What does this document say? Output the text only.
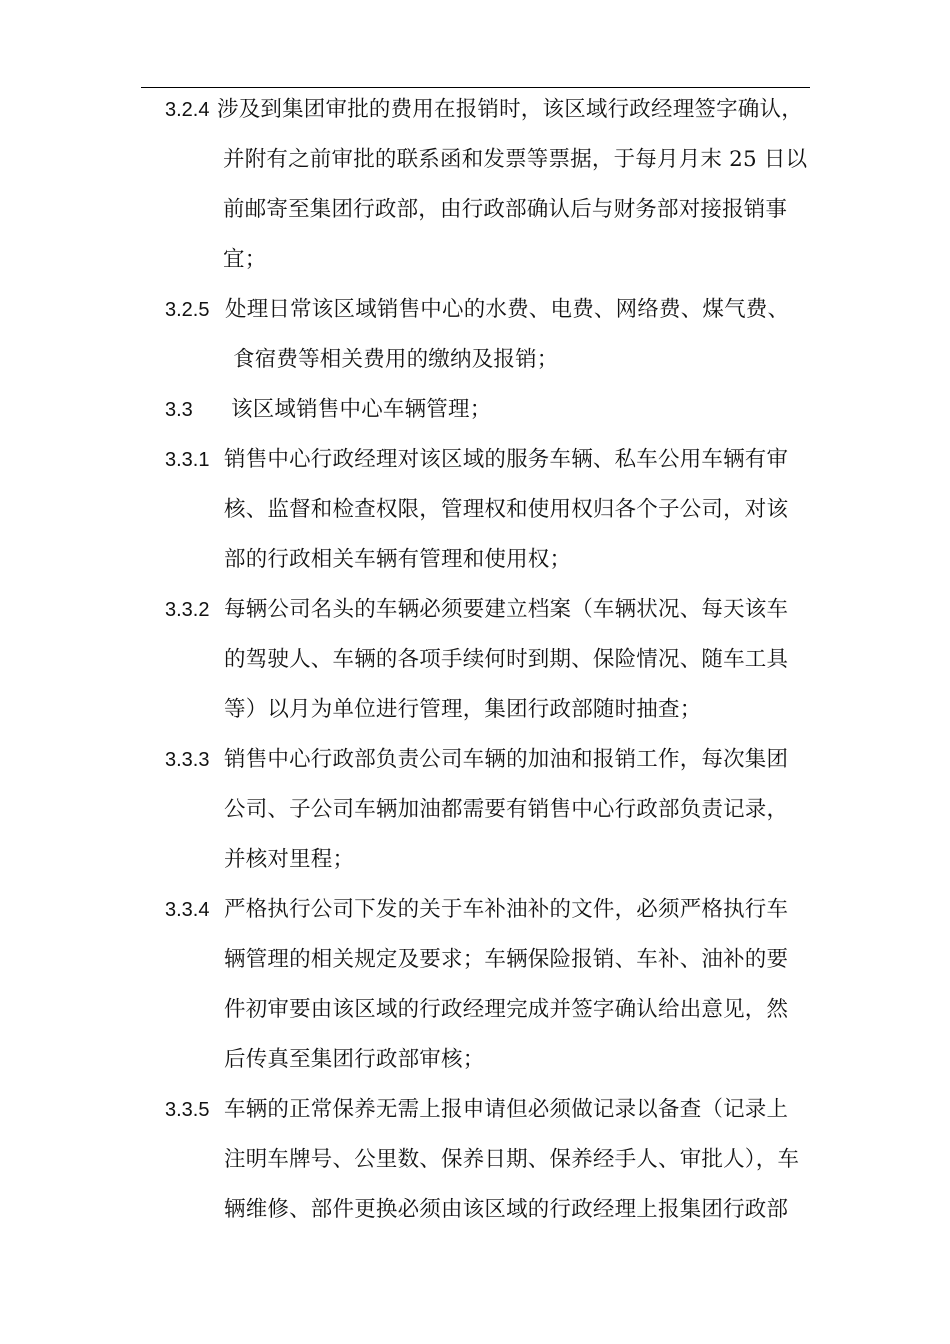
3.2.4 涉及到集团审批的费用在报销时，该区域行政经理签字确认，
并附有之前审批的联系函和发票等票据，于每月月末 25 日以
前邮寄至集团行政部，由行政部确认后与财务部对接报销事
宜；
3.2.5 处理日常该区域销售中心的水费、电费、网络费、煤气费、
食宿费等相关费用的缴纳及报销；
3.3 该区域销售中心车辆管理；
3.3.1 销售中心行政经理对该区域的服务车辆、私车公用车辆有审
核、监督和检查权限，管理权和使用权归各个子公司，对该
部的行政相关车辆有管理和使用权；
3.3.2 每辆公司名头的车辆必须要建立档案（车辆状况、每天该车
的驾驶人、车辆的各项手续何时到期、保险情况、随车工具
等）以月为单位进行管理，集团行政部随时抽查；
3.3.3 销售中心行政部负责公司车辆的加油和报销工作，每次集团
公司、子公司车辆加油都需要有销售中心行政部负责记录，
并核对里程；
3.3.4 严格执行公司下发的关于车补油补的文件，必须严格执行车
辆管理的相关规定及要求；车辆保险报销、车补、油补的要
件初审要由该区域的行政经理完成并签字确认给出意见，然
后传真至集团行政部审核；
3.3.5 车辆的正常保养无需上报申请但必须做记录以备查（记录上
注明车牌号、公里数、保养日期、保养经手人、审批人），车
辆维修、部件更换必须由该区域的行政经理上报集团行政部
